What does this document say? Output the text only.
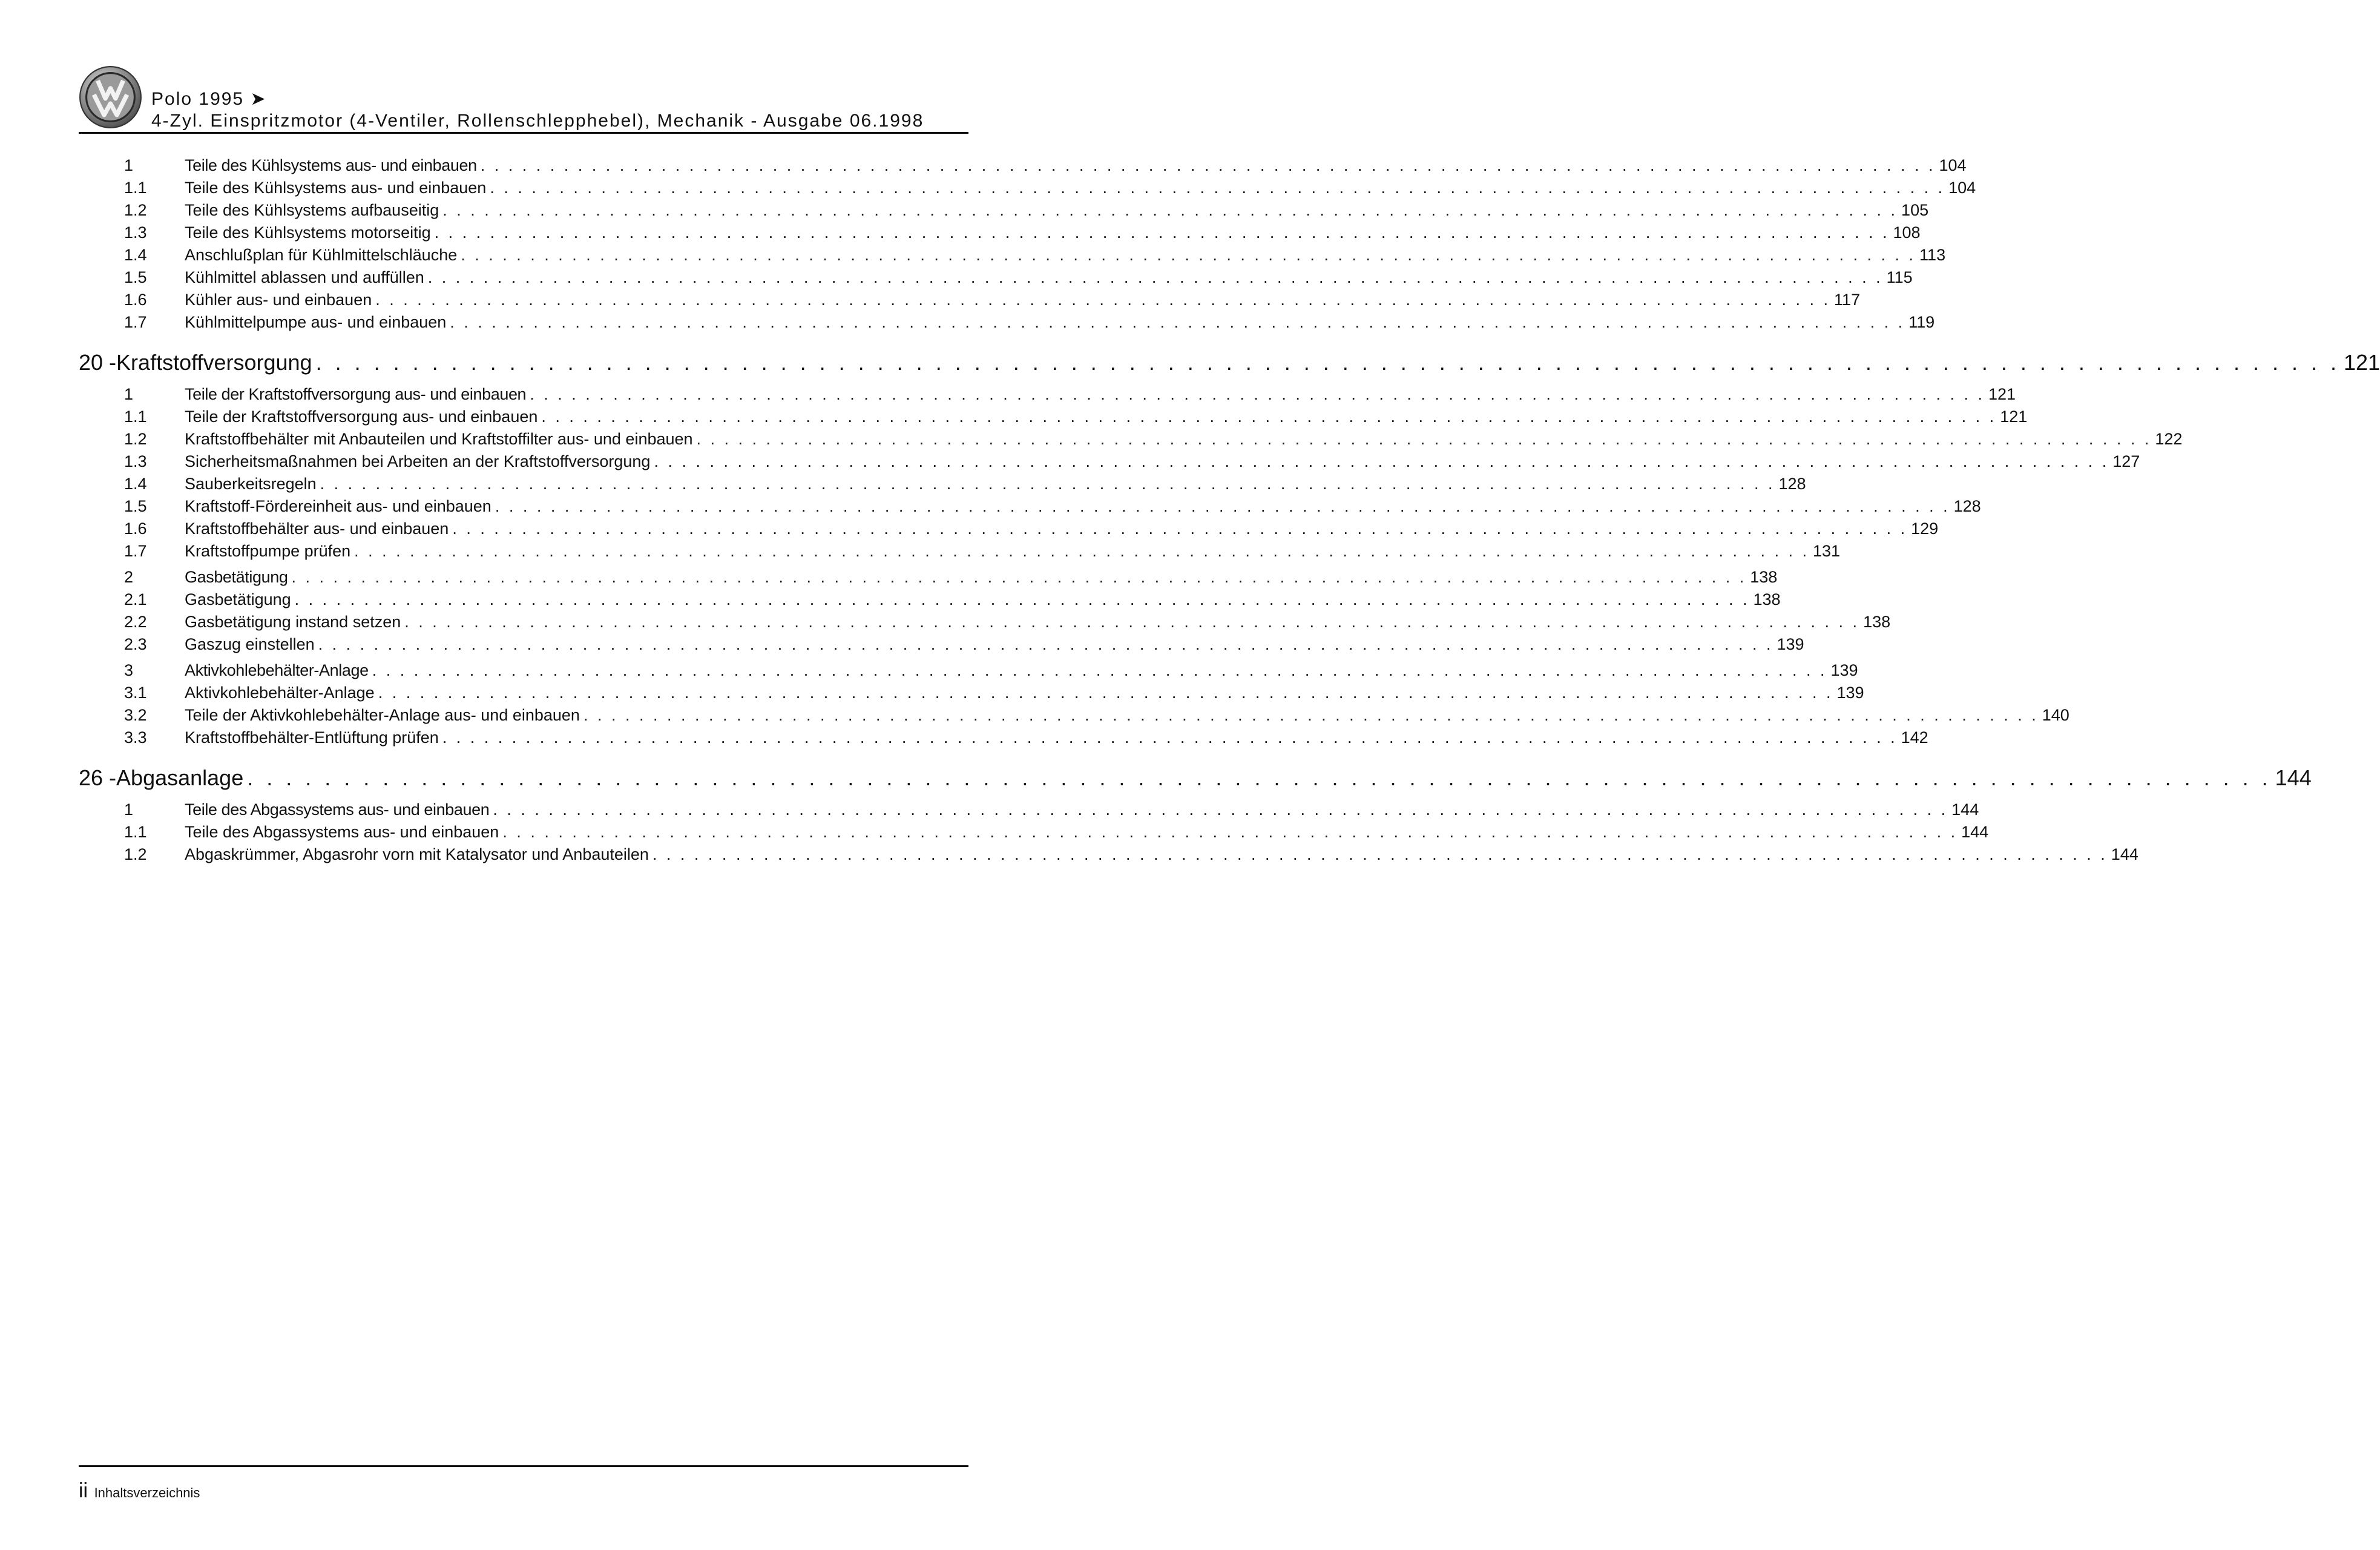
Polo 1995 ➤
4-Zyl. Einspritzmotor (4-Ventiler, Rollenschlepphebel), Mechanik - Ausgabe 06.1998
1	Teile des Kühlsystems aus- und einbauen . . . . . . . . . . . . . . . . . . . . . . . . . . . . . . . . . . . . . . . . . . . . . . . . . . . . . . . . . . . . . . . . . . . . . . . . . . . . . . . . . . . . . . . . . . . . . . . . . . . . . . . . . 104
1.1	Teile des Kühlsystems aus- und einbauen . . . . . . . . . . . . . . . . . . . . . . . . . . . . . . . . . . . . . . . . . . . . . . . . . . . . . . . . . . . . . . . . . . . . . . . . . . . . . . . . . . . . . . . . . . . . . . . . . . . . . . . . . 104
1.2	Teile des Kühlsystems aufbauseitig . . . . . . . . . . . . . . . . . . . . . . . . . . . . . . . . . . . . . . . . . . . . . . . . . . . . . . . . . . . . . . . . . . . . . . . . . . . . . . . . . . . . . . . . . . . . . . . . . . . . . . . . . 105
1.3	Teile des Kühlsystems motorseitig . . . . . . . . . . . . . . . . . . . . . . . . . . . . . . . . . . . . . . . . . . . . . . . . . . . . . . . . . . . . . . . . . . . . . . . . . . . . . . . . . . . . . . . . . . . . . . . . . . . . . . . . . 108
1.4	Anschlußplan für Kühlmittelschläuche . . . . . . . . . . . . . . . . . . . . . . . . . . . . . . . . . . . . . . . . . . . . . . . . . . . . . . . . . . . . . . . . . . . . . . . . . . . . . . . . . . . . . . . . . . . . . . . . . . . . . . . . . 113
1.5	Kühlmittel ablassen und auffüllen . . . . . . . . . . . . . . . . . . . . . . . . . . . . . . . . . . . . . . . . . . . . . . . . . . . . . . . . . . . . . . . . . . . . . . . . . . . . . . . . . . . . . . . . . . . . . . . . . . . . . . . . . 115
1.6	Kühler aus- und einbauen . . . . . . . . . . . . . . . . . . . . . . . . . . . . . . . . . . . . . . . . . . . . . . . . . . . . . . . . . . . . . . . . . . . . . . . . . . . . . . . . . . . . . . . . . . . . . . . . . . . . . . . . . 117
1.7	Kühlmittelpumpe aus- und einbauen . . . . . . . . . . . . . . . . . . . . . . . . . . . . . . . . . . . . . . . . . . . . . . . . . . . . . . . . . . . . . . . . . . . . . . . . . . . . . . . . . . . . . . . . . . . . . . . . . . . . . . . . . 119
20 - Kraftstoffversorgung . . . . . . . . . . . . . . . . . . . . . . . . . . . . . . . . . . . . . . . . . . . . . . . . . . . . . . . . . . . . . . . . . . . . . . . . . . . . . . . . . . . . . . . . . . . . . . . . . . . . . . . . . 121
1	Teile der Kraftstoffversorgung aus- und einbauen . . . . . . . . . . . . . . . . . . . . . . . . . . . . . . . . . . . . . . . . . . . . . . . . . . . . . . . . . . . . . . . . . . . . . . . . . . . . . . . . . . . . . . . . . . . . . . . . . . . . . . . . . 121
1.1	Teile der Kraftstoffversorgung aus- und einbauen . . . . . . . . . . . . . . . . . . . . . . . . . . . . . . . . . . . . . . . . . . . . . . . . . . . . . . . . . . . . . . . . . . . . . . . . . . . . . . . . . . . . . . . . . . . . . . . . . . . . . . . . . 121
1.2	Kraftstoffbehälter mit Anbauteilen und Kraftstoffilter aus- und einbauen . . . . . . . . . . . . . . . . . . . . . . . . . . . . . . . . . . . . . . . . . . . . . . . . . . . . . . . . . . . . . . . . . . . . . . . . . . . . . . . . . . . . . . . . . . . . . . . . . . . . . . . . . 122
1.3	Sicherheitsmaßnahmen bei Arbeiten an der Kraftstoffversorgung . . . . . . . . . . . . . . . . . . . . . . . . . . . . . . . . . . . . . . . . . . . . . . . . . . . . . . . . . . . . . . . . . . . . . . . . . . . . . . . . . . . . . . . . . . . . . . . . . . . . . . . . . 127
1.4	Sauberkeitsregeln . . . . . . . . . . . . . . . . . . . . . . . . . . . . . . . . . . . . . . . . . . . . . . . . . . . . . . . . . . . . . . . . . . . . . . . . . . . . . . . . . . . . . . . . . . . . . . . . . . . . . . . . . 128
1.5	Kraftstoff-Fördereinheit aus- und einbauen . . . . . . . . . . . . . . . . . . . . . . . . . . . . . . . . . . . . . . . . . . . . . . . . . . . . . . . . . . . . . . . . . . . . . . . . . . . . . . . . . . . . . . . . . . . . . . . . . . . . . . . . . 128
1.6	Kraftstoffbehälter aus- und einbauen . . . . . . . . . . . . . . . . . . . . . . . . . . . . . . . . . . . . . . . . . . . . . . . . . . . . . . . . . . . . . . . . . . . . . . . . . . . . . . . . . . . . . . . . . . . . . . . . . . . . . . . . . 129
1.7	Kraftstoffpumpe prüfen . . . . . . . . . . . . . . . . . . . . . . . . . . . . . . . . . . . . . . . . . . . . . . . . . . . . . . . . . . . . . . . . . . . . . . . . . . . . . . . . . . . . . . . . . . . . . . . . . . . . . . . . . 131
2	Gasbetätigung . . . . . . . . . . . . . . . . . . . . . . . . . . . . . . . . . . . . . . . . . . . . . . . . . . . . . . . . . . . . . . . . . . . . . . . . . . . . . . . . . . . . . . . . . . . . . . . . . . . . . . . . . 138
2.1	Gasbetätigung . . . . . . . . . . . . . . . . . . . . . . . . . . . . . . . . . . . . . . . . . . . . . . . . . . . . . . . . . . . . . . . . . . . . . . . . . . . . . . . . . . . . . . . . . . . . . . . . . . . . . . . . . 138
2.2	Gasbetätigung instand setzen . . . . . . . . . . . . . . . . . . . . . . . . . . . . . . . . . . . . . . . . . . . . . . . . . . . . . . . . . . . . . . . . . . . . . . . . . . . . . . . . . . . . . . . . . . . . . . . . . . . . . . . . . 138
2.3	Gaszug einstellen . . . . . . . . . . . . . . . . . . . . . . . . . . . . . . . . . . . . . . . . . . . . . . . . . . . . . . . . . . . . . . . . . . . . . . . . . . . . . . . . . . . . . . . . . . . . . . . . . . . . . . . . . 139
3	Aktivkohlebehälter-Anlage . . . . . . . . . . . . . . . . . . . . . . . . . . . . . . . . . . . . . . . . . . . . . . . . . . . . . . . . . . . . . . . . . . . . . . . . . . . . . . . . . . . . . . . . . . . . . . . . . . . . . . . . . 139
3.1	Aktivkohlebehälter-Anlage . . . . . . . . . . . . . . . . . . . . . . . . . . . . . . . . . . . . . . . . . . . . . . . . . . . . . . . . . . . . . . . . . . . . . . . . . . . . . . . . . . . . . . . . . . . . . . . . . . . . . . . . . 139
3.2	Teile der Aktivkohlebehälter-Anlage aus- und einbauen . . . . . . . . . . . . . . . . . . . . . . . . . . . . . . . . . . . . . . . . . . . . . . . . . . . . . . . . . . . . . . . . . . . . . . . . . . . . . . . . . . . . . . . . . . . . . . . . . . . . . . . . . 140
3.3	Kraftstoffbehälter-Entlüftung prüfen . . . . . . . . . . . . . . . . . . . . . . . . . . . . . . . . . . . . . . . . . . . . . . . . . . . . . . . . . . . . . . . . . . . . . . . . . . . . . . . . . . . . . . . . . . . . . . . . . . . . . . . . . 142
26 - Abgasanlage . . . . . . . . . . . . . . . . . . . . . . . . . . . . . . . . . . . . . . . . . . . . . . . . . . . . . . . . . . . . . . . . . . . . . . . . . . . . . . . . . . . . . . . . . . . . . . . . . . . . . . . . . 144
1	Teile des Abgassystems aus- und einbauen . . . . . . . . . . . . . . . . . . . . . . . . . . . . . . . . . . . . . . . . . . . . . . . . . . . . . . . . . . . . . . . . . . . . . . . . . . . . . . . . . . . . . . . . . . . . . . . . . . . . . . . . . 144
1.1	Teile des Abgassystems aus- und einbauen . . . . . . . . . . . . . . . . . . . . . . . . . . . . . . . . . . . . . . . . . . . . . . . . . . . . . . . . . . . . . . . . . . . . . . . . . . . . . . . . . . . . . . . . . . . . . . . . . . . . . . . . . 144
1.2	Abgaskrümmer, Abgasrohr vorn mit Katalysator und Anbauteilen . . . . . . . . . . . . . . . . . . . . . . . . . . . . . . . . . . . . . . . . . . . . . . . . . . . . . . . . . . . . . . . . . . . . . . . . . . . . . . . . . . . . . . . . . . . . . . . . . . . . . . . . . 144
ii Inhaltsverzeichnis
